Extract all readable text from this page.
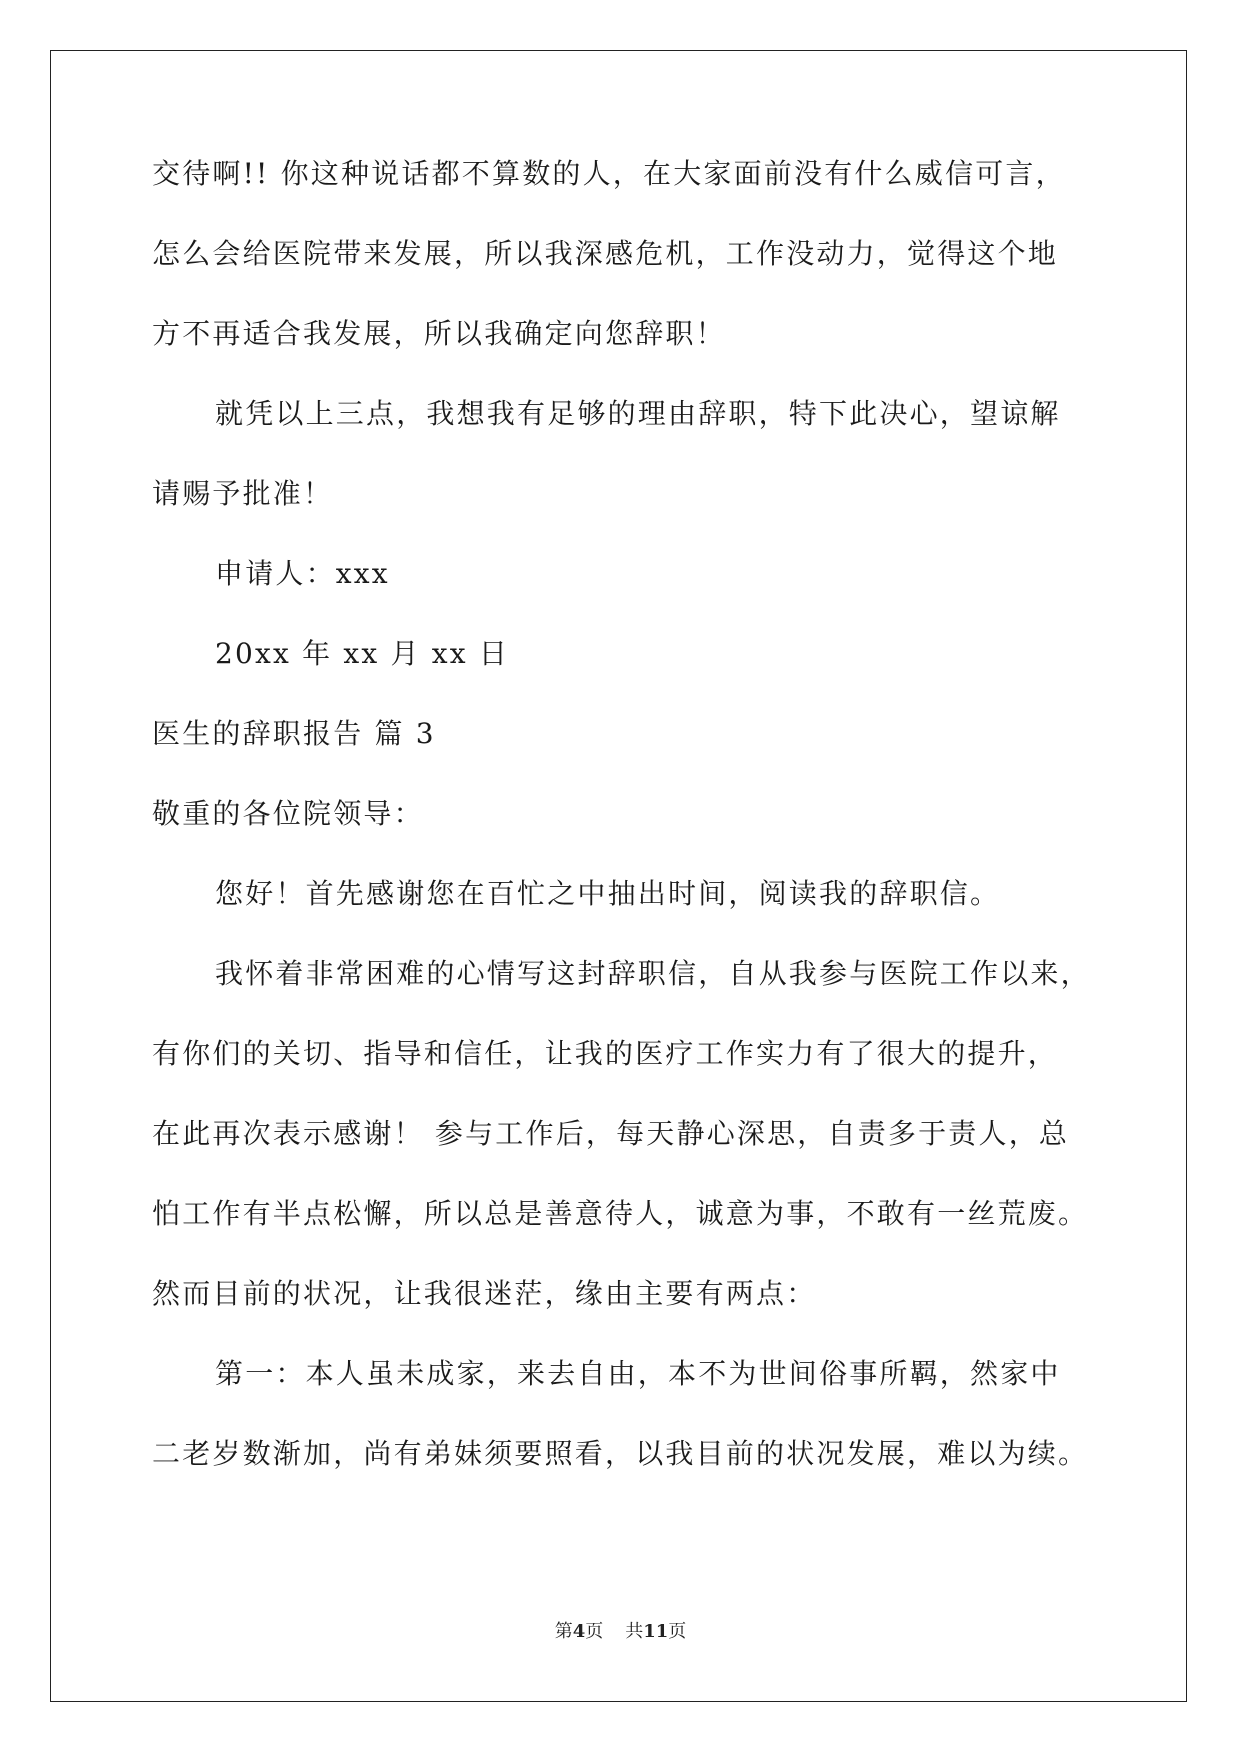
交待啊!! 你这种说话都不算数的人，在大家面前没有什么威信可言，
怎么会给医院带来发展，所以我深感危机，工作没动力，觉得这个地
方不再适合我发展，所以我确定向您辞职！
就凭以上三点，我想我有足够的理由辞职，特下此决心，望谅解
请赐予批准！
申请人：xxx
20xx 年 xx 月 xx 日
医生的辞职报告 篇 3
敬重的各位院领导：
您好！首先感谢您在百忙之中抽出时间，阅读我的辞职信。
我怀着非常困难的心情写这封辞职信，自从我参与医院工作以来，
有你们的关切、指导和信任，让我的医疗工作实力有了很大的提升，
在此再次表示感谢！ 参与工作后，每天静心深思，自责多于责人，总
怕工作有半点松懈，所以总是善意待人，诚意为事，不敢有一丝荒废。
然而目前的状况，让我很迷茫，缘由主要有两点：
第一：本人虽未成家，来去自由，本不为世间俗事所羁，然家中
二老岁数渐加，尚有弟妹须要照看，以我目前的状况发展，难以为续。
第4页 共11页
